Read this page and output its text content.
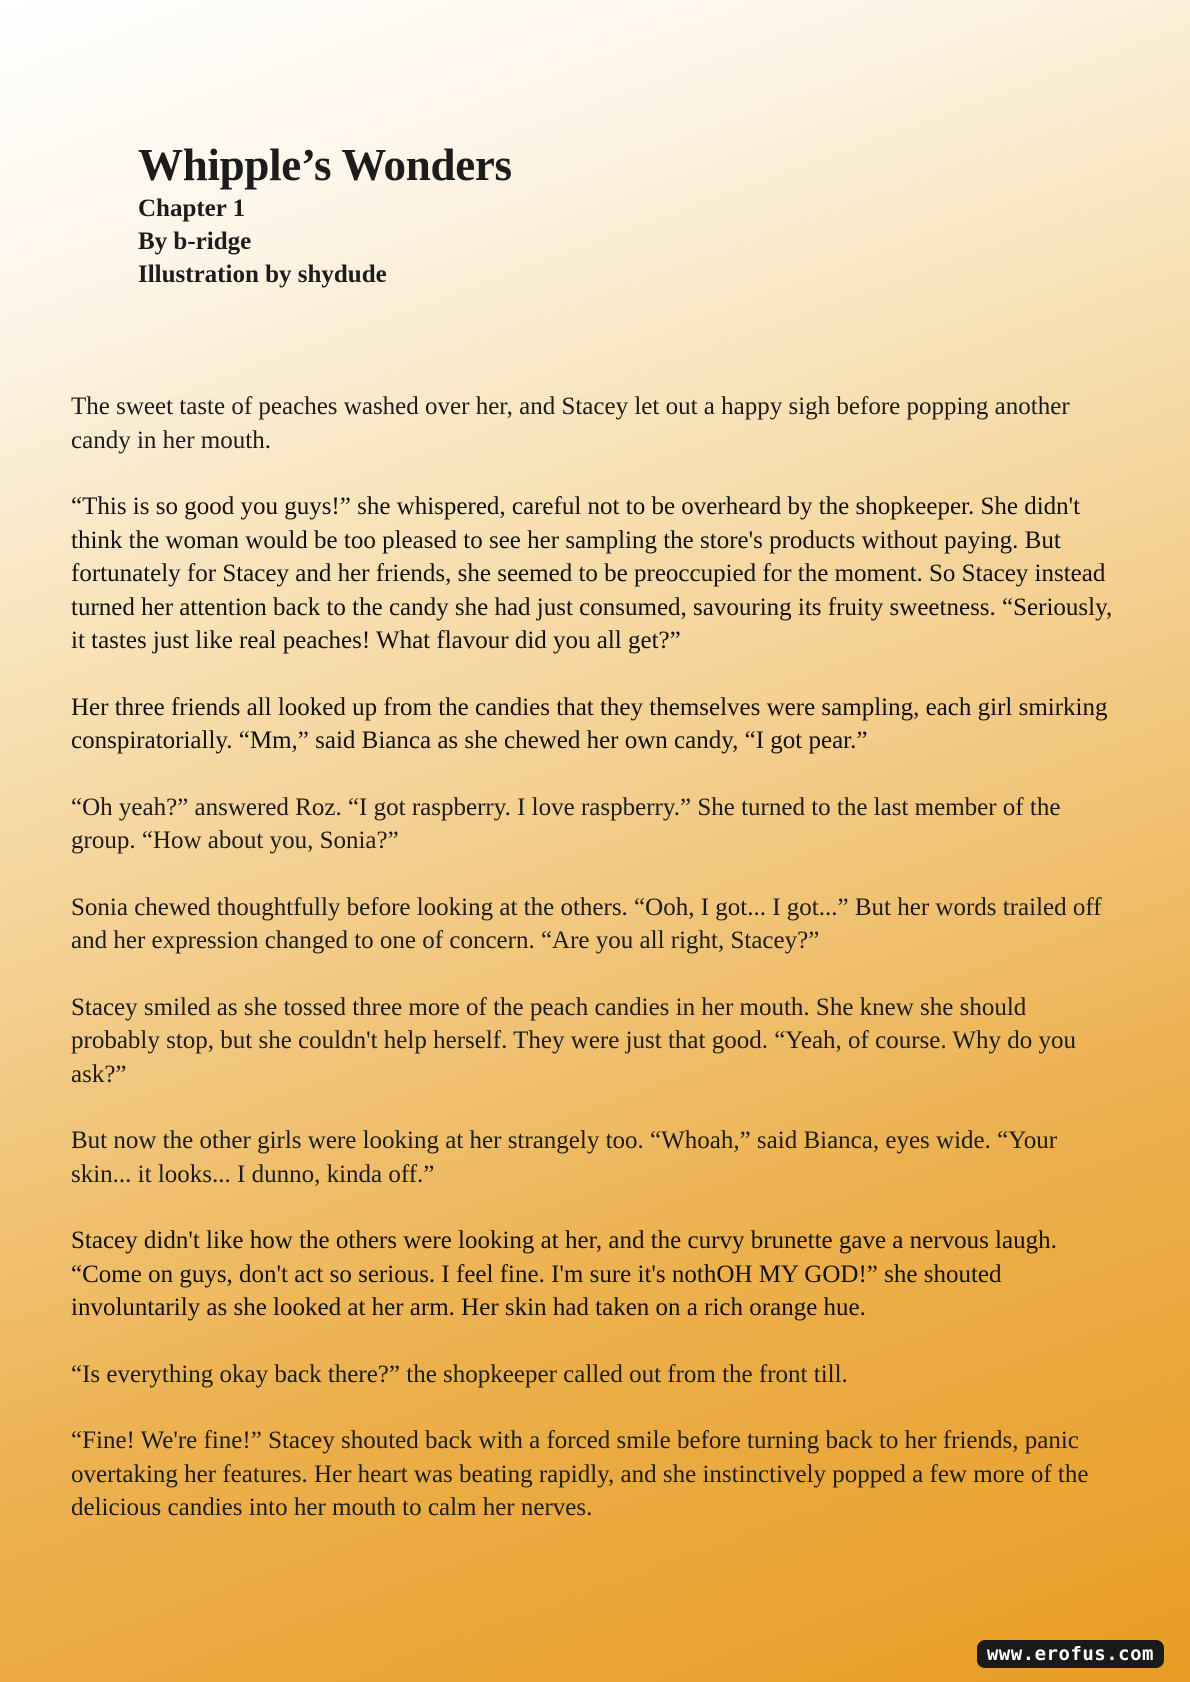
Whipple’s Wonders

Chapter 1

By b-ridge

Illustration by shydude

The sweet taste of peaches washed over her, and Stacey let out a happy sigh before popping another candy in her mouth.

“This is so good you guys!” she whispered, careful not to be overheard by the shopkeeper. She didn't think the woman would be too pleased to see her sampling the store's products without paying. But fortunately for Stacey and her friends, she seemed to be preoccupied for the moment. So Stacey instead turned her attention back to the candy she had just consumed, savouring its fruity sweetness. “Seriously, it tastes just like real peaches! What flavour did you all get?”

Her three friends all looked up from the candies that they themselves were sampling, each girl smirking conspiratorially. “Mm,” said Bianca as she chewed her own candy, “I got pear.”

“Oh yeah?” answered Roz. “I got raspberry. I love raspberry.” She turned to the last member of the group. “How about you, Sonia?”

Sonia chewed thoughtfully before looking at the others. “Ooh, I got... I got...” But her words trailed off and her expression changed to one of concern. “Are you all right, Stacey?”

Stacey smiled as she tossed three more of the peach candies in her mouth. She knew she should probably stop, but she couldn't help herself. They were just that good. “Yeah, of course. Why do you ask?”

But now the other girls were looking at her strangely too. “Whoah,” said Bianca, eyes wide. “Your skin... it looks... I dunno, kinda off.”

Stacey didn't like how the others were looking at her, and the curvy brunette gave a nervous laugh. “Come on guys, don't act so serious. I feel fine. I'm sure it's nothOH MY GOD!” she shouted involuntarily as she looked at her arm. Her skin had taken on a rich orange hue.

“Is everything okay back there?” the shopkeeper called out from the front till.

“Fine! We're fine!” Stacey shouted back with a forced smile before turning back to her friends, panic overtaking her features. Her heart was beating rapidly, and she instinctively popped a few more of the delicious candies into her mouth to calm her nerves.

www.erofus.com
